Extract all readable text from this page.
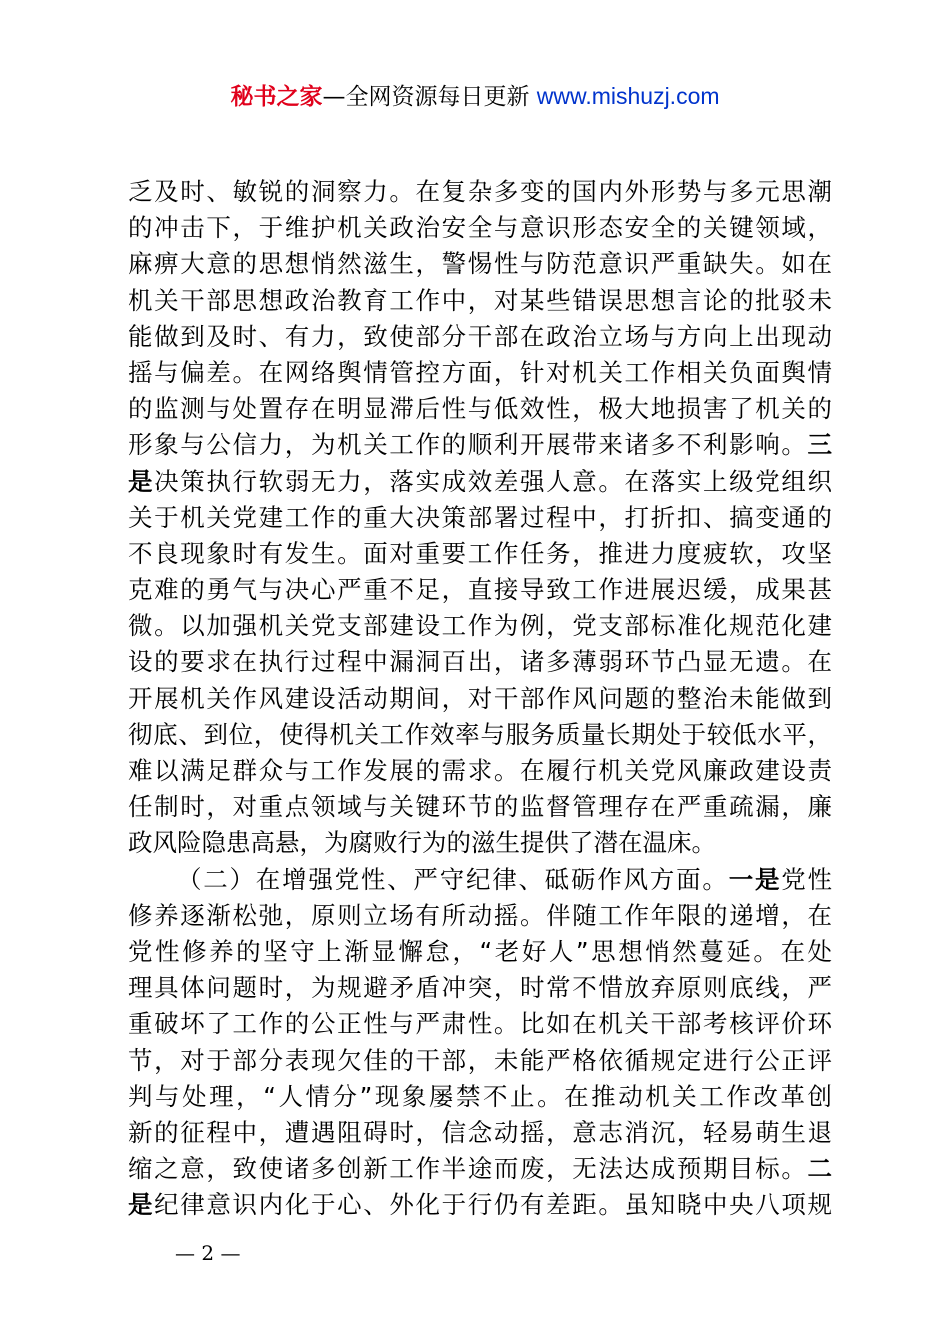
秘书之家—全网资源每日更新 www.mishuzj.com
乏及时、敏锐的洞察力。在复杂多变的国内外形势与多元思潮
的冲击下，于维护机关政治安全与意识形态安全的关键领域，
麻痹大意的思想悄然滋生，警惕性与防范意识严重缺失。如在
机关干部思想政治教育工作中，对某些错误思想言论的批驳未
能做到及时、有力，致使部分干部在政治立场与方向上出现动
摇与偏差。在网络舆情管控方面，针对机关工作相关负面舆情
的监测与处置存在明显滞后性与低效性，极大地损害了机关的
形象与公信力，为机关工作的顺利开展带来诸多不利影响。三
是决策执行软弱无力，落实成效差强人意。在落实上级党组织
关于机关党建工作的重大决策部署过程中，打折扣、搞变通的
不良现象时有发生。面对重要工作任务，推进力度疲软，攻坚
克难的勇气与决心严重不足，直接导致工作进展迟缓，成果甚
微。以加强机关党支部建设工作为例，党支部标准化规范化建
设的要求在执行过程中漏洞百出，诸多薄弱环节凸显无遗。在
开展机关作风建设活动期间，对干部作风问题的整治未能做到
彻底、到位，使得机关工作效率与服务质量长期处于较低水平，
难以满足群众与工作发展的需求。在履行机关党风廉政建设责
任制时，对重点领域与关键环节的监督管理存在严重疏漏，廉
政风险隐患高悬，为腐败行为的滋生提供了潜在温床。
（二）在增强党性、严守纪律、砥砺作风方面。一是党性
修养逐渐松弛，原则立场有所动摇。伴随工作年限的递增，在
党性修养的坚守上渐显懈怠，“老好人”思想悄然蔓延。在处
理具体问题时，为规避矛盾冲突，时常不惜放弃原则底线，严
重破坏了工作的公正性与严肃性。比如在机关干部考核评价环
节，对于部分表现欠佳的干部，未能严格依循规定进行公正评
判与处理，“人情分”现象屡禁不止。在推动机关工作改革创
新的征程中，遭遇阻碍时，信念动摇，意志消沉，轻易萌生退
缩之意，致使诸多创新工作半途而废，无法达成预期目标。二
是纪律意识内化于心、外化于行仍有差距。虽知晓中央八项规
— 2 —
